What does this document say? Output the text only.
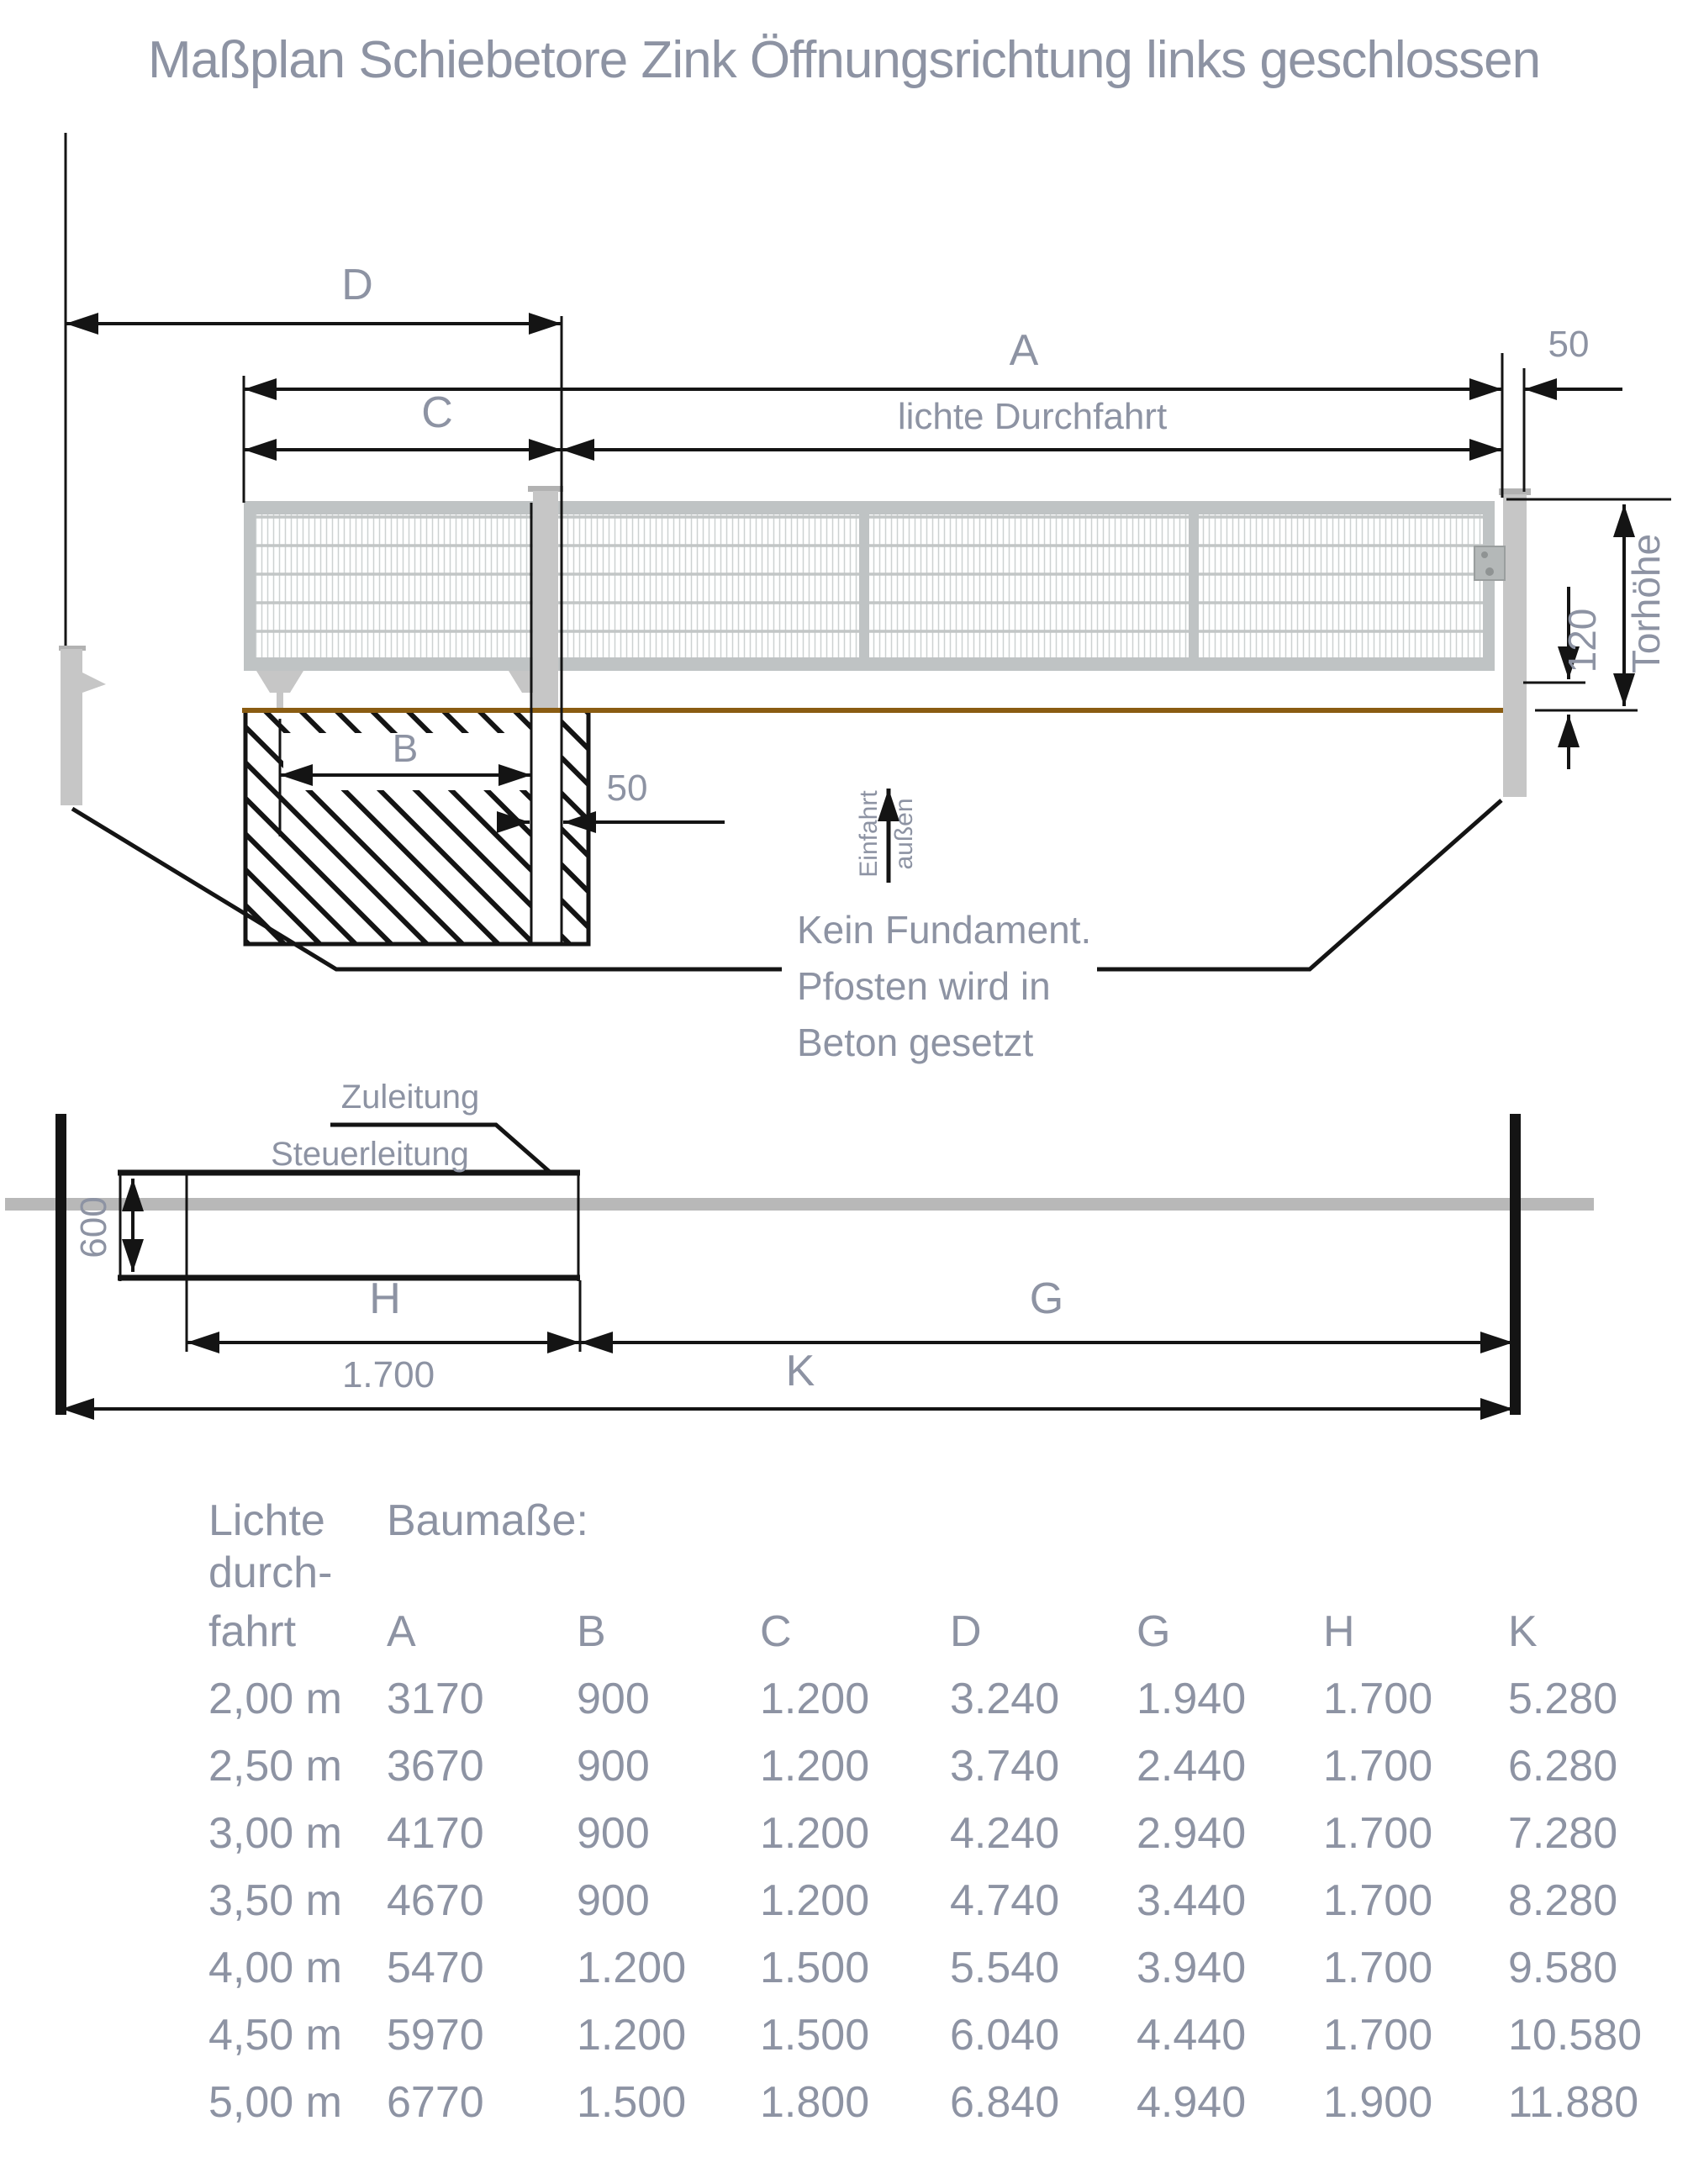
Maßplan Schiebetore Zink Öffnungsrichtung links geschlossen
D
A	50
C	lichte Durchfahrt
B
50
120 Torhöhe
Einfahrt außen
Kein Fundament.
Pfosten wird in
Beton gesetzt
Zuleitung
Steuerleitung
600
H
1.700
G
K
Lichte	Baumaße:
durch-
fahrt	A	B	C	D	G	H	K
2,00 m	3170	900	1.200	3.240	1.940	1.700	5.280
2,50 m	3670	900	1.200	3.740	2.440	1.700	6.280
3,00 m	4170	900	1.200	4.240	2.940	1.700	7.280
3,50 m	4670	900	1.200	4.740	3.440	1.700	8.280
4,00 m	5470	1.200	1.500	5.540	3.940	1.700	9.580
4,50 m	5970	1.200	1.500	6.040	4.440	1.700	10.580
5,00 m	6770	1.500	1.800	6.840	4.940	1.900	11.880
